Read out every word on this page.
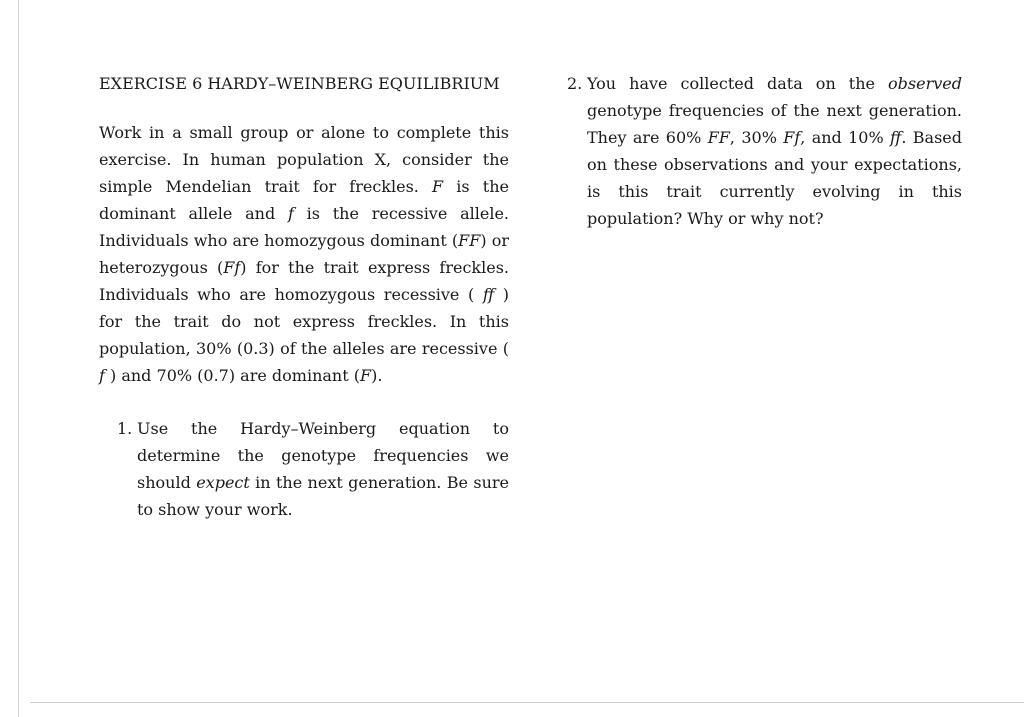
EXERCISE 6 HARDY–WEINBERG EQUILIBRIUM

Work in a small group or alone to complete this exercise. In human population X, consider the simple Mendelian trait for freckles. F is the dominant allele and f is the recessive allele. Individuals who are homozygous dominant (FF) or heterozygous (Ff) for the trait express freckles. Individuals who are homozygous recessive ( ff ) for the trait do not express freckles. In this population, 30% (0.3) of the alleles are recessive ( f ) and 70% (0.7) are dominant (F).

1. Use the Hardy–Weinberg equation to determine the genotype frequencies we should expect in the next generation. Be sure to show your work.
2. You have collected data on the observed genotype frequencies of the next generation. They are 60% FF, 30% Ff, and 10% ff. Based on these observations and your expectations, is this trait currently evolving in this population? Why or why not?
